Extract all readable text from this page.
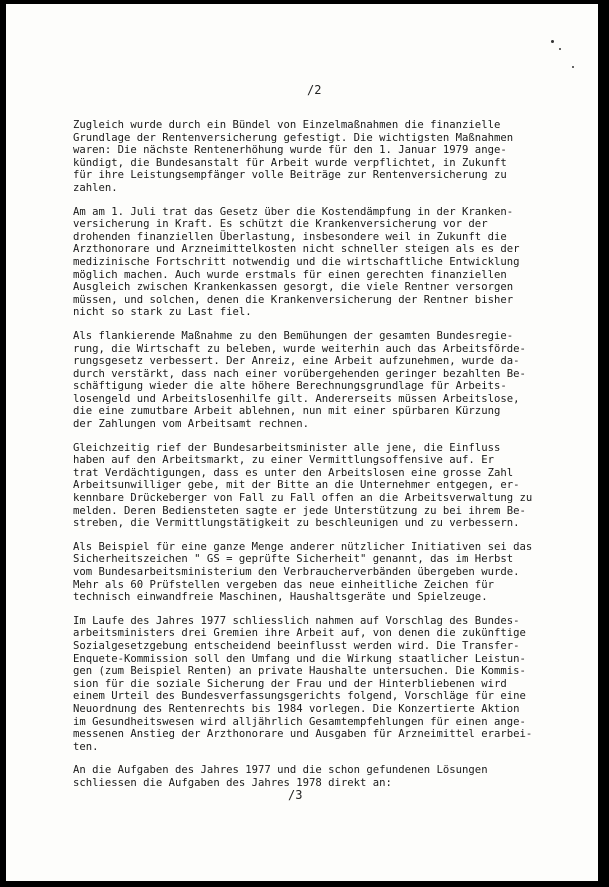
/2
Zugleich wurde durch ein Bündel von Einzelmaßnahmen die finanzielle
Grundlage der Rentenversicherung gefestigt. Die wichtigsten Maßnahmen
waren: Die nächste Rentenerhöhung wurde für den 1. Januar 1979 ange-
kündigt, die Bundesanstalt für Arbeit wurde verpflichtet, in Zukunft
für ihre Leistungsempfänger volle Beiträge zur Rentenversicherung zu
zahlen.
Am am 1. Juli trat das Gesetz über die Kostendämpfung in der Kranken-
versicherung in Kraft. Es schützt die Krankenversicherung vor der
drohenden finanziellen Überlastung, insbesondere weil in Zukunft die
Arzthonorare und Arzneimittelkosten nicht schneller steigen als es der
medizinische Fortschritt notwendig und die wirtschaftliche Entwicklung
möglich machen. Auch wurde erstmals für einen gerechten finanziellen
Ausgleich zwischen Krankenkassen gesorgt, die viele Rentner versorgen
müssen, und solchen, denen die Krankenversicherung der Rentner bisher
nicht so stark zu Last fiel.
Als flankierende Maßnahme zu den Bemühungen der gesamten Bundesregie-
rung, die Wirtschaft zu beleben, wurde weiterhin auch das Arbeitsförde-
rungsgesetz verbessert. Der Anreiz, eine Arbeit aufzunehmen, wurde da-
durch verstärkt, dass nach einer vorübergehenden geringer bezahlten Be-
schäftigung wieder die alte höhere Berechnungsgrundlage für Arbeits-
losengeld und Arbeitslosenhilfe gilt. Andererseits müssen Arbeitslose,
die eine zumutbare Arbeit ablehnen, nun mit einer spürbaren Kürzung
der Zahlungen vom Arbeitsamt rechnen.
Gleichzeitig rief der Bundesarbeitsminister alle jene, die Einfluss
haben auf den Arbeitsmarkt, zu einer Vermittlungsoffensive auf. Er
trat Verdächtigungen, dass es unter den Arbeitslosen eine grosse Zahl
Arbeitsunwilliger gebe, mit der Bitte an die Unternehmer entgegen, er-
kennbare Drückeberger von Fall zu Fall offen an die Arbeitsverwaltung zu
melden. Deren Bediensteten sagte er jede Unterstützung zu bei ihrem Be-
streben, die Vermittlungstätigkeit zu beschleunigen und zu verbessern.
Als Beispiel für eine ganze Menge anderer nützlicher Initiativen sei das
Sicherheitszeichen " GS = geprüfte Sicherheit" genannt, das im Herbst
vom Bundesarbeitsministerium den Verbraucherverbänden übergeben wurde.
Mehr als 60 Prüfstellen vergeben das neue einheitliche Zeichen für
technisch einwandfreie Maschinen, Haushaltsgeräte und Spielzeuge.
Im Laufe des Jahres 1977 schliesslich nahmen auf Vorschlag des Bundes-
arbeitsministers drei Gremien ihre Arbeit auf, von denen die zukünftige
Sozialgesetzgebung entscheidend beeinflusst werden wird. Die Transfer-
Enquete-Kommission soll den Umfang und die Wirkung staatlicher Leistun-
gen (zum Beispiel Renten) an private Haushalte untersuchen. Die Kommis-
sion für die soziale Sicherung der Frau und der Hinterbliebenen wird
einem Urteil des Bundesverfassungsgerichts folgend, Vorschläge für eine
Neuordnung des Rentenrechts bis 1984 vorlegen. Die Konzertierte Aktion
im Gesundheitswesen wird alljährlich Gesamtempfehlungen für einen ange-
messenen Anstieg der Arzthonorare und Ausgaben für Arzneimittel erarbei-
ten.
An die Aufgaben des Jahres 1977 und die schon gefundenen Lösungen
schliessen die Aufgaben des Jahres 1978 direkt an:
/3
